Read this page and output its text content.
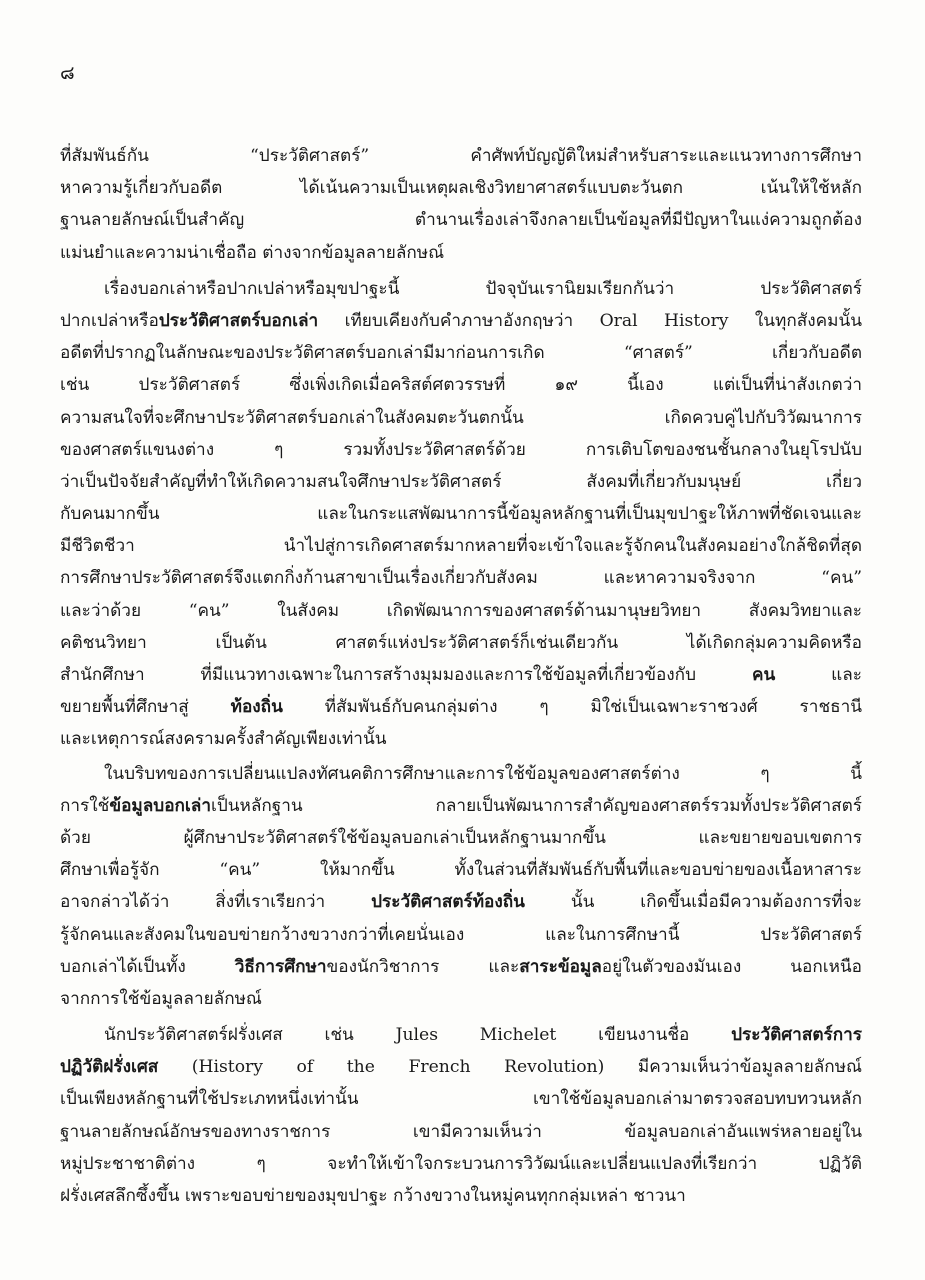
๘
ที่สัมพันธ์กัน “ประวัติศาสตร์” คำศัพท์บัญญัติใหม่สำหรับสาระและแนวทางการศึกษา
หาความรู้เกี่ยวกับอดีต ได้เน้นความเป็นเหตุผลเชิงวิทยาศาสตร์แบบตะวันตก เน้นให้ใช้หลัก
ฐานลายลักษณ์เป็นสำคัญ ตำนานเรื่องเล่าจึงกลายเป็นข้อมูลที่มีปัญหาในแง่ความถูกต้อง
แม่นยำและความน่าเชื่อถือ ต่างจากข้อมูลลายลักษณ์
เรื่องบอกเล่าหรือปากเปล่าหรือมุขปาฐะนี้ ปัจจุบันเรานิยมเรียกกันว่า ประวัติศาสตร์
ปากเปล่าหรือประวัติศาสตร์บอกเล่า เทียบเคียงกับคำภาษาอังกฤษว่า Oral History ในทุกสังคมนั้น
อดีตที่ปรากฏในลักษณะของประวัติศาสตร์บอกเล่ามีมาก่อนการเกิด “ศาสตร์” เกี่ยวกับอดีต
เช่น ประวัติศาสตร์ ซึ่งเพิ่งเกิดเมื่อคริสต์ศตวรรษที่ ๑๙ นี้เอง แต่เป็นที่น่าสังเกตว่า
ความสนใจที่จะศึกษาประวัติศาสตร์บอกเล่าในสังคมตะวันตกนั้น เกิดควบคู่ไปกับวิวัฒนาการ
ของศาสตร์แขนงต่าง ๆ รวมทั้งประวัติศาสตร์ด้วย การเติบโตของชนชั้นกลางในยุโรปนับ
ว่าเป็นปัจจัยสำคัญที่ทำให้เกิดความสนใจศึกษาประวัติศาสตร์ สังคมที่เกี่ยวกับมนุษย์ เกี่ยว
กับคนมากขึ้น และในกระแสพัฒนาการนี้ข้อมูลหลักฐานที่เป็นมุขปาฐะให้ภาพที่ชัดเจนและ
มีชีวิตชีวา นำไปสู่การเกิดศาสตร์มากหลายที่จะเข้าใจและรู้จักคนในสังคมอย่างใกล้ชิดที่สุด
การศึกษาประวัติศาสตร์จึงแตกกิ่งก้านสาขาเป็นเรื่องเกี่ยวกับสังคม และหาความจริงจาก “คน”
และว่าด้วย “คน” ในสังคม เกิดพัฒนาการของศาสตร์ด้านมานุษยวิทยา สังคมวิทยาและ
คติชนวิทยา เป็นต้น ศาสตร์แห่งประวัติศาสตร์ก็เช่นเดียวกัน ได้เกิดกลุ่มความคิดหรือ
สำนักศึกษา ที่มีแนวทางเฉพาะในการสร้างมุมมองและการใช้ข้อมูลที่เกี่ยวข้องกับ คน และ
ขยายพื้นที่ศึกษาสู่ ท้องถิ่น ที่สัมพันธ์กับคนกลุ่มต่าง ๆ มิใช่เป็นเฉพาะราชวงศ์ ราชธานี
และเหตุการณ์สงครามครั้งสำคัญเพียงเท่านั้น
ในบริบทของการเปลี่ยนแปลงทัศนคติการศึกษาและการใช้ข้อมูลของศาสตร์ต่าง ๆ นี้
การใช้ข้อมูลบอกเล่าเป็นหลักฐาน กลายเป็นพัฒนาการสำคัญของศาสตร์รวมทั้งประวัติศาสตร์
ด้วย ผู้ศึกษาประวัติศาสตร์ใช้ข้อมูลบอกเล่าเป็นหลักฐานมากขึ้น และขยายขอบเขตการ
ศึกษาเพื่อรู้จัก “คน” ให้มากขึ้น ทั้งในส่วนที่สัมพันธ์กับพื้นที่และขอบข่ายของเนื้อหาสาระ
อาจกล่าวได้ว่า สิ่งที่เราเรียกว่า ประวัติศาสตร์ท้องถิ่น นั้น เกิดขึ้นเมื่อมีความต้องการที่จะ
รู้จักคนและสังคมในขอบข่ายกว้างขวางกว่าที่เคยนั่นเอง และในการศึกษานี้ ประวัติศาสตร์
บอกเล่าได้เป็นทั้ง วิธีการศึกษาของนักวิชาการ และสาระข้อมูลอยู่ในตัวของมันเอง นอกเหนือ
จากการใช้ข้อมูลลายลักษณ์
นักประวัติศาสตร์ฝรั่งเศส เช่น Jules Michelet เขียนงานชื่อ ประวัติศาสตร์การ
ปฏิวัติฝรั่งเศส (History of the French Revolution) มีความเห็นว่าข้อมูลลายลักษณ์
เป็นเพียงหลักฐานที่ใช้ประเภทหนึ่งเท่านั้น เขาใช้ข้อมูลบอกเล่ามาตรวจสอบทบทวนหลัก
ฐานลายลักษณ์อักษรของทางราชการ เขามีความเห็นว่า ข้อมูลบอกเล่าอันแพร่หลายอยู่ใน
หมู่ประชาชาติต่าง ๆ จะทำให้เข้าใจกระบวนการวิวัฒน์และเปลี่ยนแปลงที่เรียกว่า ปฏิวัติ
ฝรั่งเศสลึกซึ้งขึ้น เพราะขอบข่ายของมุขปาฐะ กว้างขวางในหมู่คนทุกกลุ่มเหล่า ชาวนา
